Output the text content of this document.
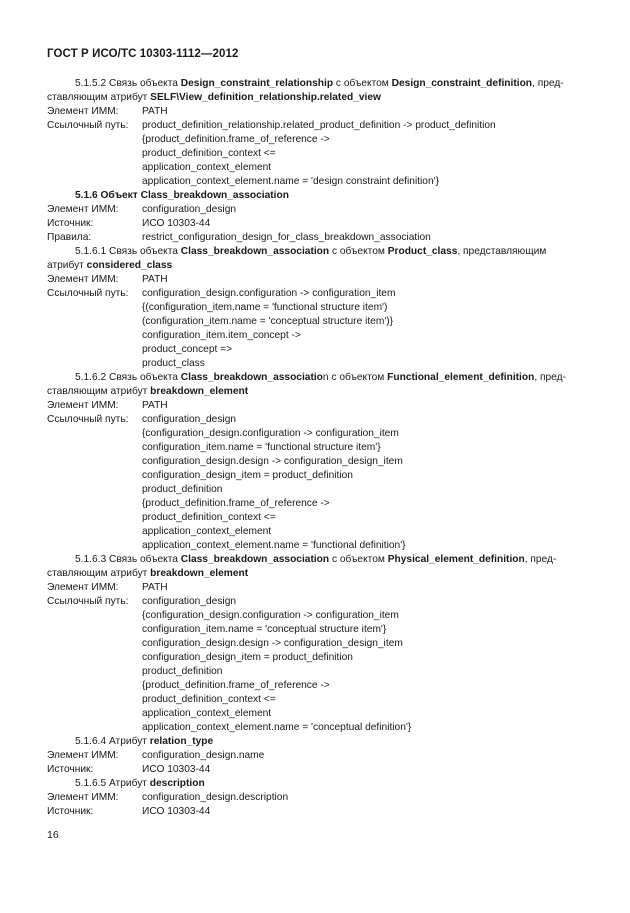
ГОСТ Р ИСО/ТС 10303-1112—2012
5.1.5.2 Связь объекта Design_constraint_relationship с объектом Design_constraint_definition, пред-
ставляющим атрибут SELF\View_definition_relationship.related_view
Элемент ИММ: PATH
Ссылочный путь: product_definition_relationship.related_product_definition -> product_definition
{product_definition.frame_of_reference ->
product_definition_context <=
application_context_element
application_context_element.name = 'design constraint definition'}
5.1.6 Объект Class_breakdown_association
Элемент ИММ: configuration_design
Источник:	ИСО 10303-44
Правила:	restrict_configuration_design_for_class_breakdown_association
5.1.6.1 Связь объекта Class_breakdown_association с объектом Product_class, представляющим
атрибут considered_class
Элемент ИММ: PATH
Ссылочный путь: configuration_design.configuration -> configuration_item
{(configuration_item.name = 'functional structure item')
(configuration_item.name = 'conceptual structure item')}
configuration_item.item_concept ->
product_concept =>
product_class
5.1.6.2 Связь объекта Class_breakdown_association с объектом Functional_element_definition, пред-
ставляющим атрибут breakdown_element
Элемент ИММ: PATH
Ссылочный путь: configuration_design
{configuration_design.configuration -> configuration_item
configuration_item.name = 'functional structure item'}
configuration_design.design -> configuration_design_item
configuration_design_item = product_definition
product_definition
{product_definition.frame_of_reference ->
product_definition_context <=
application_context_element
application_context_element.name = 'functional definition'}
5.1.6.3 Связь объекта Class_breakdown_association с объектом Physical_element_definition, пред-
ставляющим атрибут breakdown_element
Элемент ИММ: PATH
Ссылочный путь: configuration_design
{configuration_design.configuration -> configuration_item
configuration_item.name = 'conceptual structure item'}
configuration_design.design -> configuration_design_item
configuration_design_item = product_definition
product_definition
{product_definition.frame_of_reference ->
product_definition_context <=
application_context_element
application_context_element.name = 'conceptual definition'}
5.1.6.4 Атрибут relation_type
Элемент ИММ: configuration_design.name
Источник:	ИСО 10303-44
5.1.6.5 Атрибут description
Элемент ИММ: configuration_design.description
Источник:	ИСО 10303-44
16
